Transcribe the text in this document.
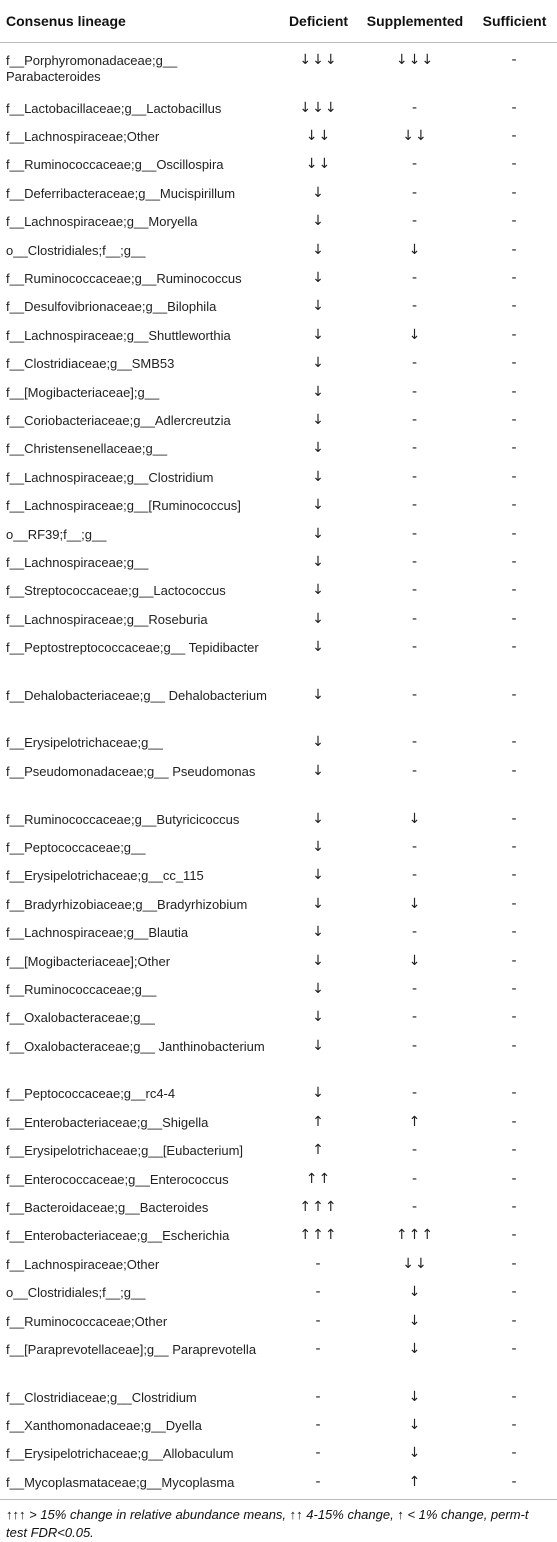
Consenus lineage	Deficient	Supplemented	Sufficient
f__Porphyromonadaceae;g__ Parabacteroides	↓↓↓	↓↓↓	-
f__Lactobacillaceae;g__Lactobacillus	↓↓↓	-	-
f__Lachnospiraceae;Other	↓↓	↓↓	-
f__Ruminococcaceae;g__Oscillospira	↓↓	-	-
f__Deferribacteraceae;g__Mucispirillum	↓	-	-
f__Lachnospiraceae;g__Moryella	↓	-	-
o__Clostridiales;f__;g__	↓	↓	-
f__Ruminococcaceae;g__Ruminococcus	↓	-	-
f__Desulfovibrionaceae;g__Bilophila	↓	-	-
f__Lachnospiraceae;g__Shuttleworthia	↓	↓	-
f__Clostridiaceae;g__SMB53	↓	-	-
f__[Mogibacteriaceae];g__	↓	-	-
f__Coriobacteriaceae;g__Adlercreutzia	↓	-	-
f__Christensenellaceae;g__	↓	-	-
f__Lachnospiraceae;g__Clostridium	↓	-	-
f__Lachnospiraceae;g__[Ruminococcus]	↓	-	-
o__RF39;f__;g__	↓	-	-
f__Lachnospiraceae;g__	↓	-	-
f__Streptococcaceae;g__Lactococcus	↓	-	-
f__Lachnospiraceae;g__Roseburia	↓	-	-
f__Peptostreptococcaceae;g__ Tepidibacter	↓	-	-
f__Dehalobacteriaceae;g__ Dehalobacterium	↓	-	-
f__Erysipelotrichaceae;g__	↓	-	-
f__Pseudomonadaceae;g__ Pseudomonas	↓	-	-
f__Ruminococcaceae;g__Butyricicoccus	↓	↓	-
f__Peptococcaceae;g__	↓	-	-
f__Erysipelotrichaceae;g__cc_115	↓	-	-
f__Bradyrhizobiaceae;g__Bradyrhizobium	↓	↓	-
f__Lachnospiraceae;g__Blautia	↓	-	-
f__[Mogibacteriaceae];Other	↓	↓	-
f__Ruminococcaceae;g__	↓	-	-
f__Oxalobacteraceae;g__	↓	-	-
f__Oxalobacteraceae;g__ Janthinobacterium	↓	-	-
f__Peptococcaceae;g__rc4-4	↓	-	-
f__Enterobacteriaceae;g__Shigella	↑	↑	-
f__Erysipelotrichaceae;g__[Eubacterium]	↑	-	-
f__Enterococcaceae;g__Enterococcus	↑↑	-	-
f__Bacteroidaceae;g__Bacteroides	↑↑↑	-	-
f__Enterobacteriaceae;g__Escherichia	↑↑↑	↑↑↑	-
f__Lachnospiraceae;Other	-	↓↓	-
o__Clostridiales;f__;g__	-	↓	-
f__Ruminococcaceae;Other	-	↓	-
f__[Paraprevotellaceae];g__ Paraprevotella	-	↓	-
f__Clostridiaceae;g__Clostridium	-	↓	-
f__Xanthomonadaceae;g__Dyella	-	↓	-
f__Erysipelotrichaceae;g__Allobaculum	-	↓	-
f__Mycoplasmataceae;g__Mycoplasma	-	↑	-
↑↑↑ > 15% change in relative abundance means, ↑↑ 4-15% change, ↑ < 1% change, perm-t test FDR<0.05.
